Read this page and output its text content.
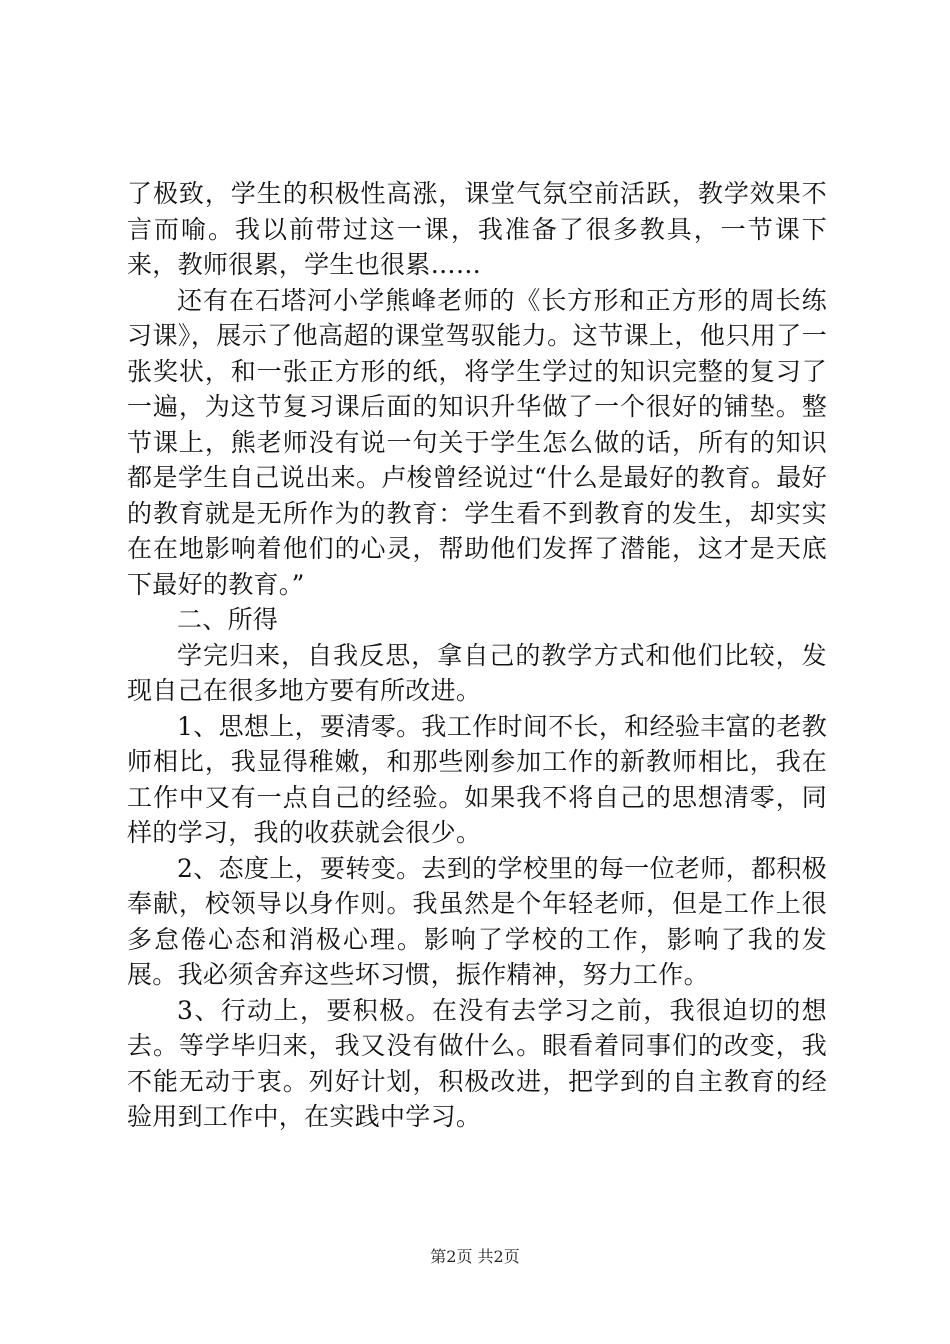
了极致，学生的积极性高涨，课堂气氛空前活跃，教学效果不言而喻。我以前带过这一课，我准备了很多教具，一节课下来，教师很累，学生也很累……

还有在石塔河小学熊峰老师的《长方形和正方形的周长练习课》，展示了他高超的课堂驾驭能力。这节课上，他只用了一张奖状，和一张正方形的纸，将学生学过的知识完整的复习了一遍，为这节复习课后面的知识升华做了一个很好的铺垫。整节课上，熊老师没有说一句关于学生怎么做的话，所有的知识都是学生自己说出来。卢梭曾经说过“什么是最好的教育。最好的教育就是无所作为的教育：学生看不到教育的发生，却实实在在地影响着他们的心灵，帮助他们发挥了潜能，这才是天底下最好的教育。”

二、所得

学完归来，自我反思，拿自己的教学方式和他们比较，发现自己在很多地方要有所改进。

1、思想上，要清零。我工作时间不长，和经验丰富的老教师相比，我显得稚嫩，和那些刚参加工作的新教师相比，我在工作中又有一点自己的经验。如果我不将自己的思想清零，同样的学习，我的收获就会很少。

2、态度上，要转变。去到的学校里的每一位老师，都积极奉献，校领导以身作则。我虽然是个年轻老师，但是工作上很多怠倦心态和消极心理。影响了学校的工作，影响了我的发展。我必须舍弃这些坏习惯，振作精神，努力工作。

3、行动上，要积极。在没有去学习之前，我很迫切的想去。等学毕归来，我又没有做什么。眼看着同事们的改变，我不能无动于衷。列好计划，积极改进，把学到的自主教育的经验用到工作中，在实践中学习。

第2页 共2页
